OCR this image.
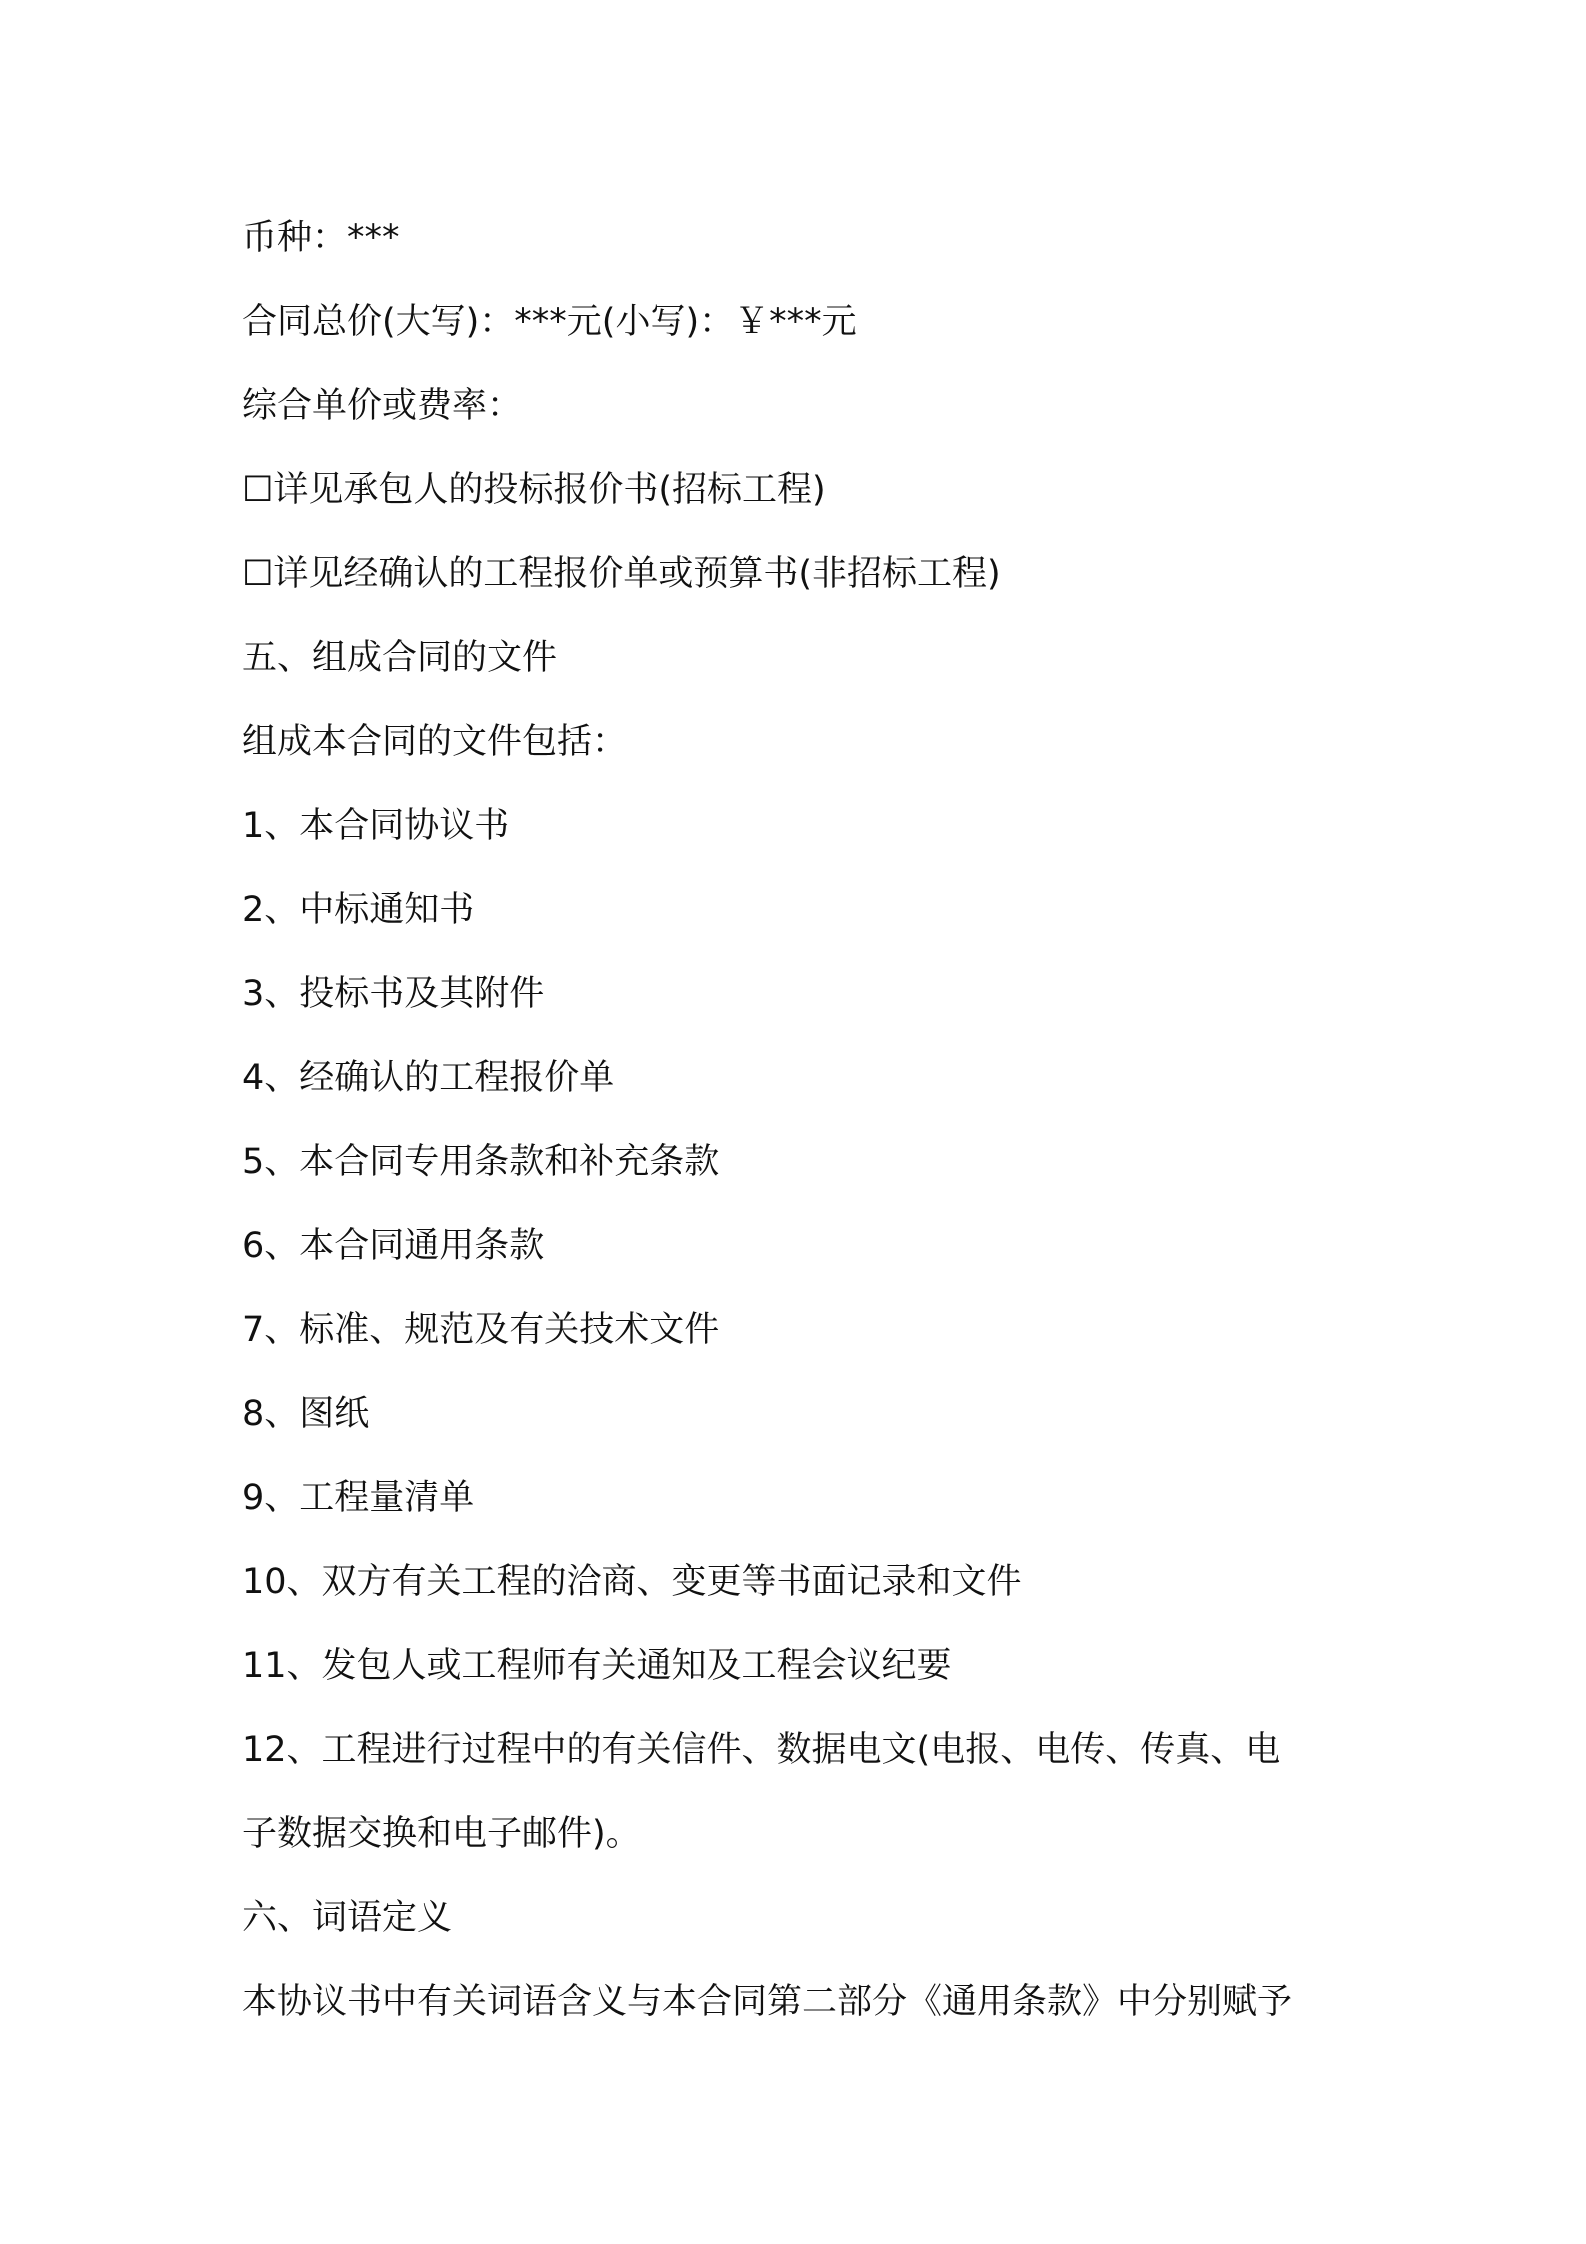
币种：***
合同总价(大写)：***元(小写)：￥***元
综合单价或费率：
☐详见承包人的投标报价书(招标工程)
☐详见经确认的工程报价单或预算书(非招标工程)
五、组成合同的文件
组成本合同的文件包括：
1、本合同协议书
2、中标通知书
3、投标书及其附件
4、经确认的工程报价单
5、本合同专用条款和补充条款
6、本合同通用条款
7、标准、规范及有关技术文件
8、图纸
9、工程量清单
10、双方有关工程的洽商、变更等书面记录和文件
11、发包人或工程师有关通知及工程会议纪要
12、工程进行过程中的有关信件、数据电文(电报、电传、传真、电
子数据交换和电子邮件)。
六、词语定义
本协议书中有关词语含义与本合同第二部分《通用条款》中分别赋予
